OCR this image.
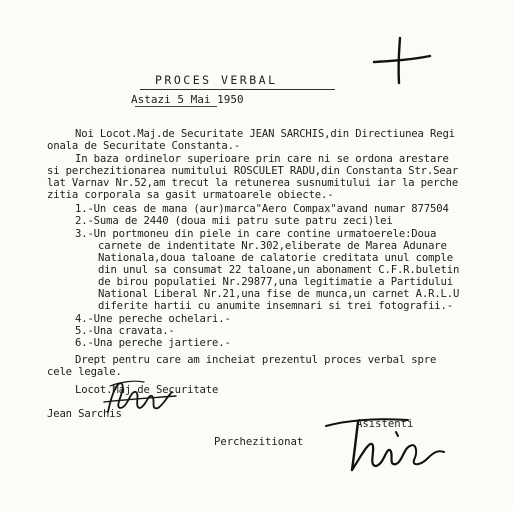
PROCES VERBAL
Astazi 5 Mai 1950
Noi Locot.Maj.de Securitate JEAN SARCHIS,din Directiunea Regi
onala de Securitate Constanta.-
In baza ordinelor superioare prin care ni se ordona arestare
si perchezitionarea numitului ROSCULET RADU,din Constanta Str.Sear
lat Varnav Nr.52,am trecut la retunerea susnumitului iar la perche
zitia corporala sa gasit urmatoarele obiecte.-
1.-Un ceas de mana (aur)marca"Aero Compax"avand numar 877504
2.-Suma de 2440 (doua mii patru sute patru zeci)lei
3.-Un portmoneu din piele in care contine urmatoerele:Doua
carnete de indentitate Nr.302,eliberate de Marea Adunare
Nationala,doua taloane de calatorie creditata unul comple
din unul sa consumat 22 taloane,un abonament C.F.R.buletin
de birou populatiei Nr.29877,una legitimatie a Partidului
National Liberal Nr.21,una fise de munca,un carnet A.R.L.U
diferite hartii cu anumite insemnari si trei fotografii.-
4.-Une pereche ochelari.-
5.-Una cravata.-
6.-Una pereche jartiere.-
Drept pentru care am incheiat prezentul proces verbal spre
cele legale.
Locot.Maj.de Securitate
Jean Sarchis
Perchezitionat
Asistenti
